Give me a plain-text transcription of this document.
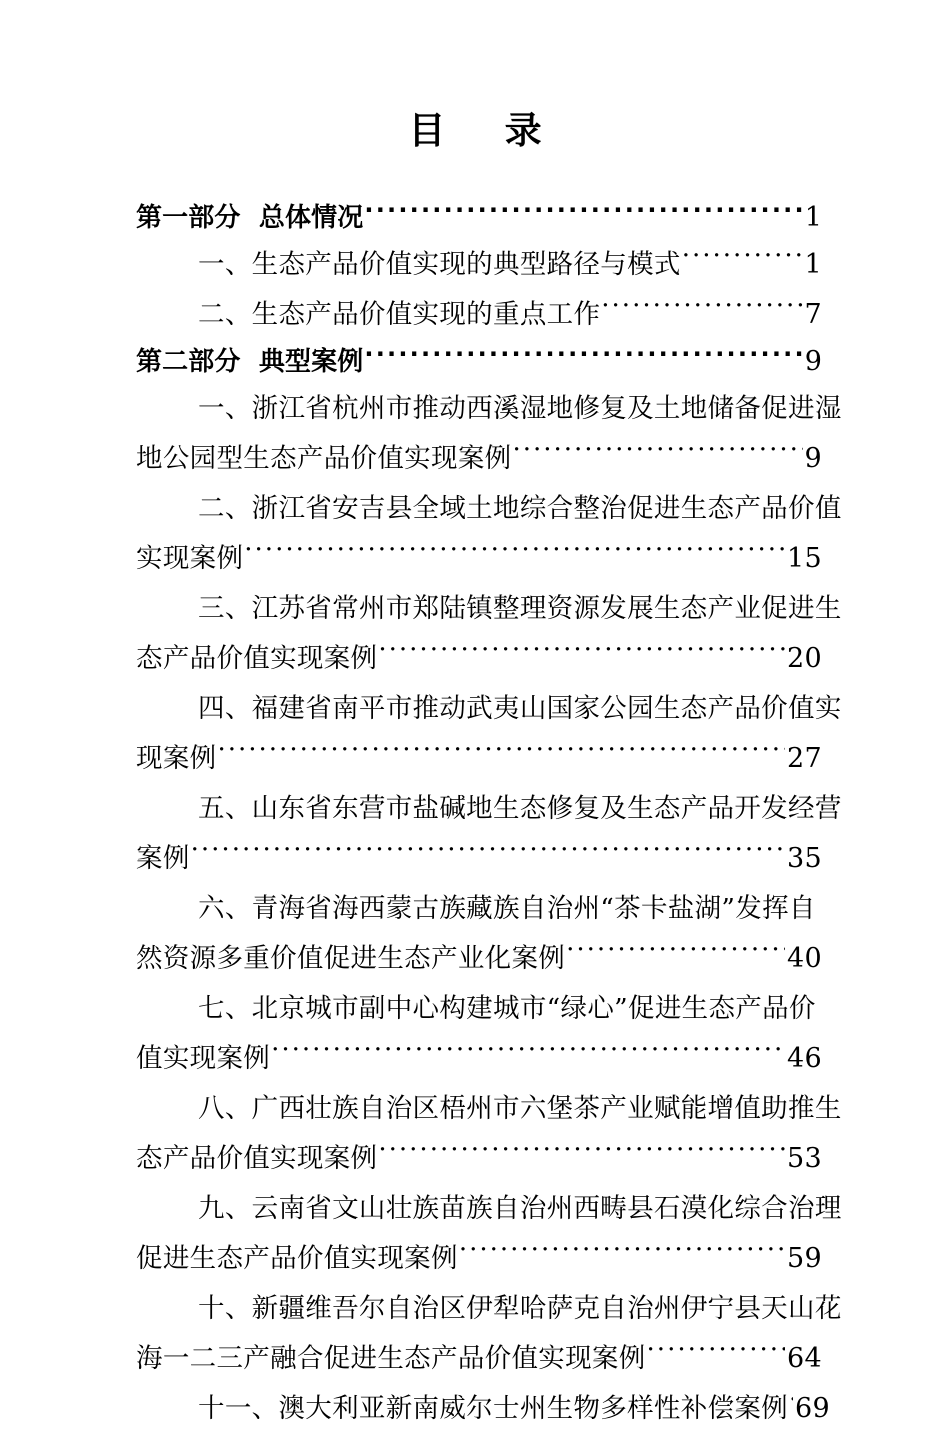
目　录
第一部分  总体情况 .....	1
一、生态产品价值实现的典型路径与模式 .....	1
二、生态产品价值实现的重点工作 .....	7
第二部分  典型案例 .....	9
一、浙江省杭州市推动西溪湿地修复及土地储备促进湿
地公园型生态产品价值实现案例 .....	9
二、浙江省安吉县全域土地综合整治促进生态产品价值
实现案例 .....	15
三、江苏省常州市郑陆镇整理资源发展生态产业促进生
态产品价值实现案例 .....	20
四、福建省南平市推动武夷山国家公园生态产品价值实
现案例 .....	27
五、山东省东营市盐碱地生态修复及生态产品开发经营
案例 .....	35
六、青海省海西蒙古族藏族自治州“茶卡盐湖”发挥自
然资源多重价值促进生态产业化案例 .....	40
七、北京城市副中心构建城市“绿心”促进生态产品价
值实现案例 .....	46
八、广西壮族自治区梧州市六堡茶产业赋能增值助推生
态产品价值实现案例 .....	53
九、云南省文山壮族苗族自治州西畴县石漠化综合治理
促进生态产品价值实现案例 .....	59
十、新疆维吾尔自治区伊犁哈萨克自治州伊宁县天山花
海一二三产融合促进生态产品价值实现案例 .....	64
十一、澳大利亚新南威尔士州生物多样性补偿案例 ..... 69
